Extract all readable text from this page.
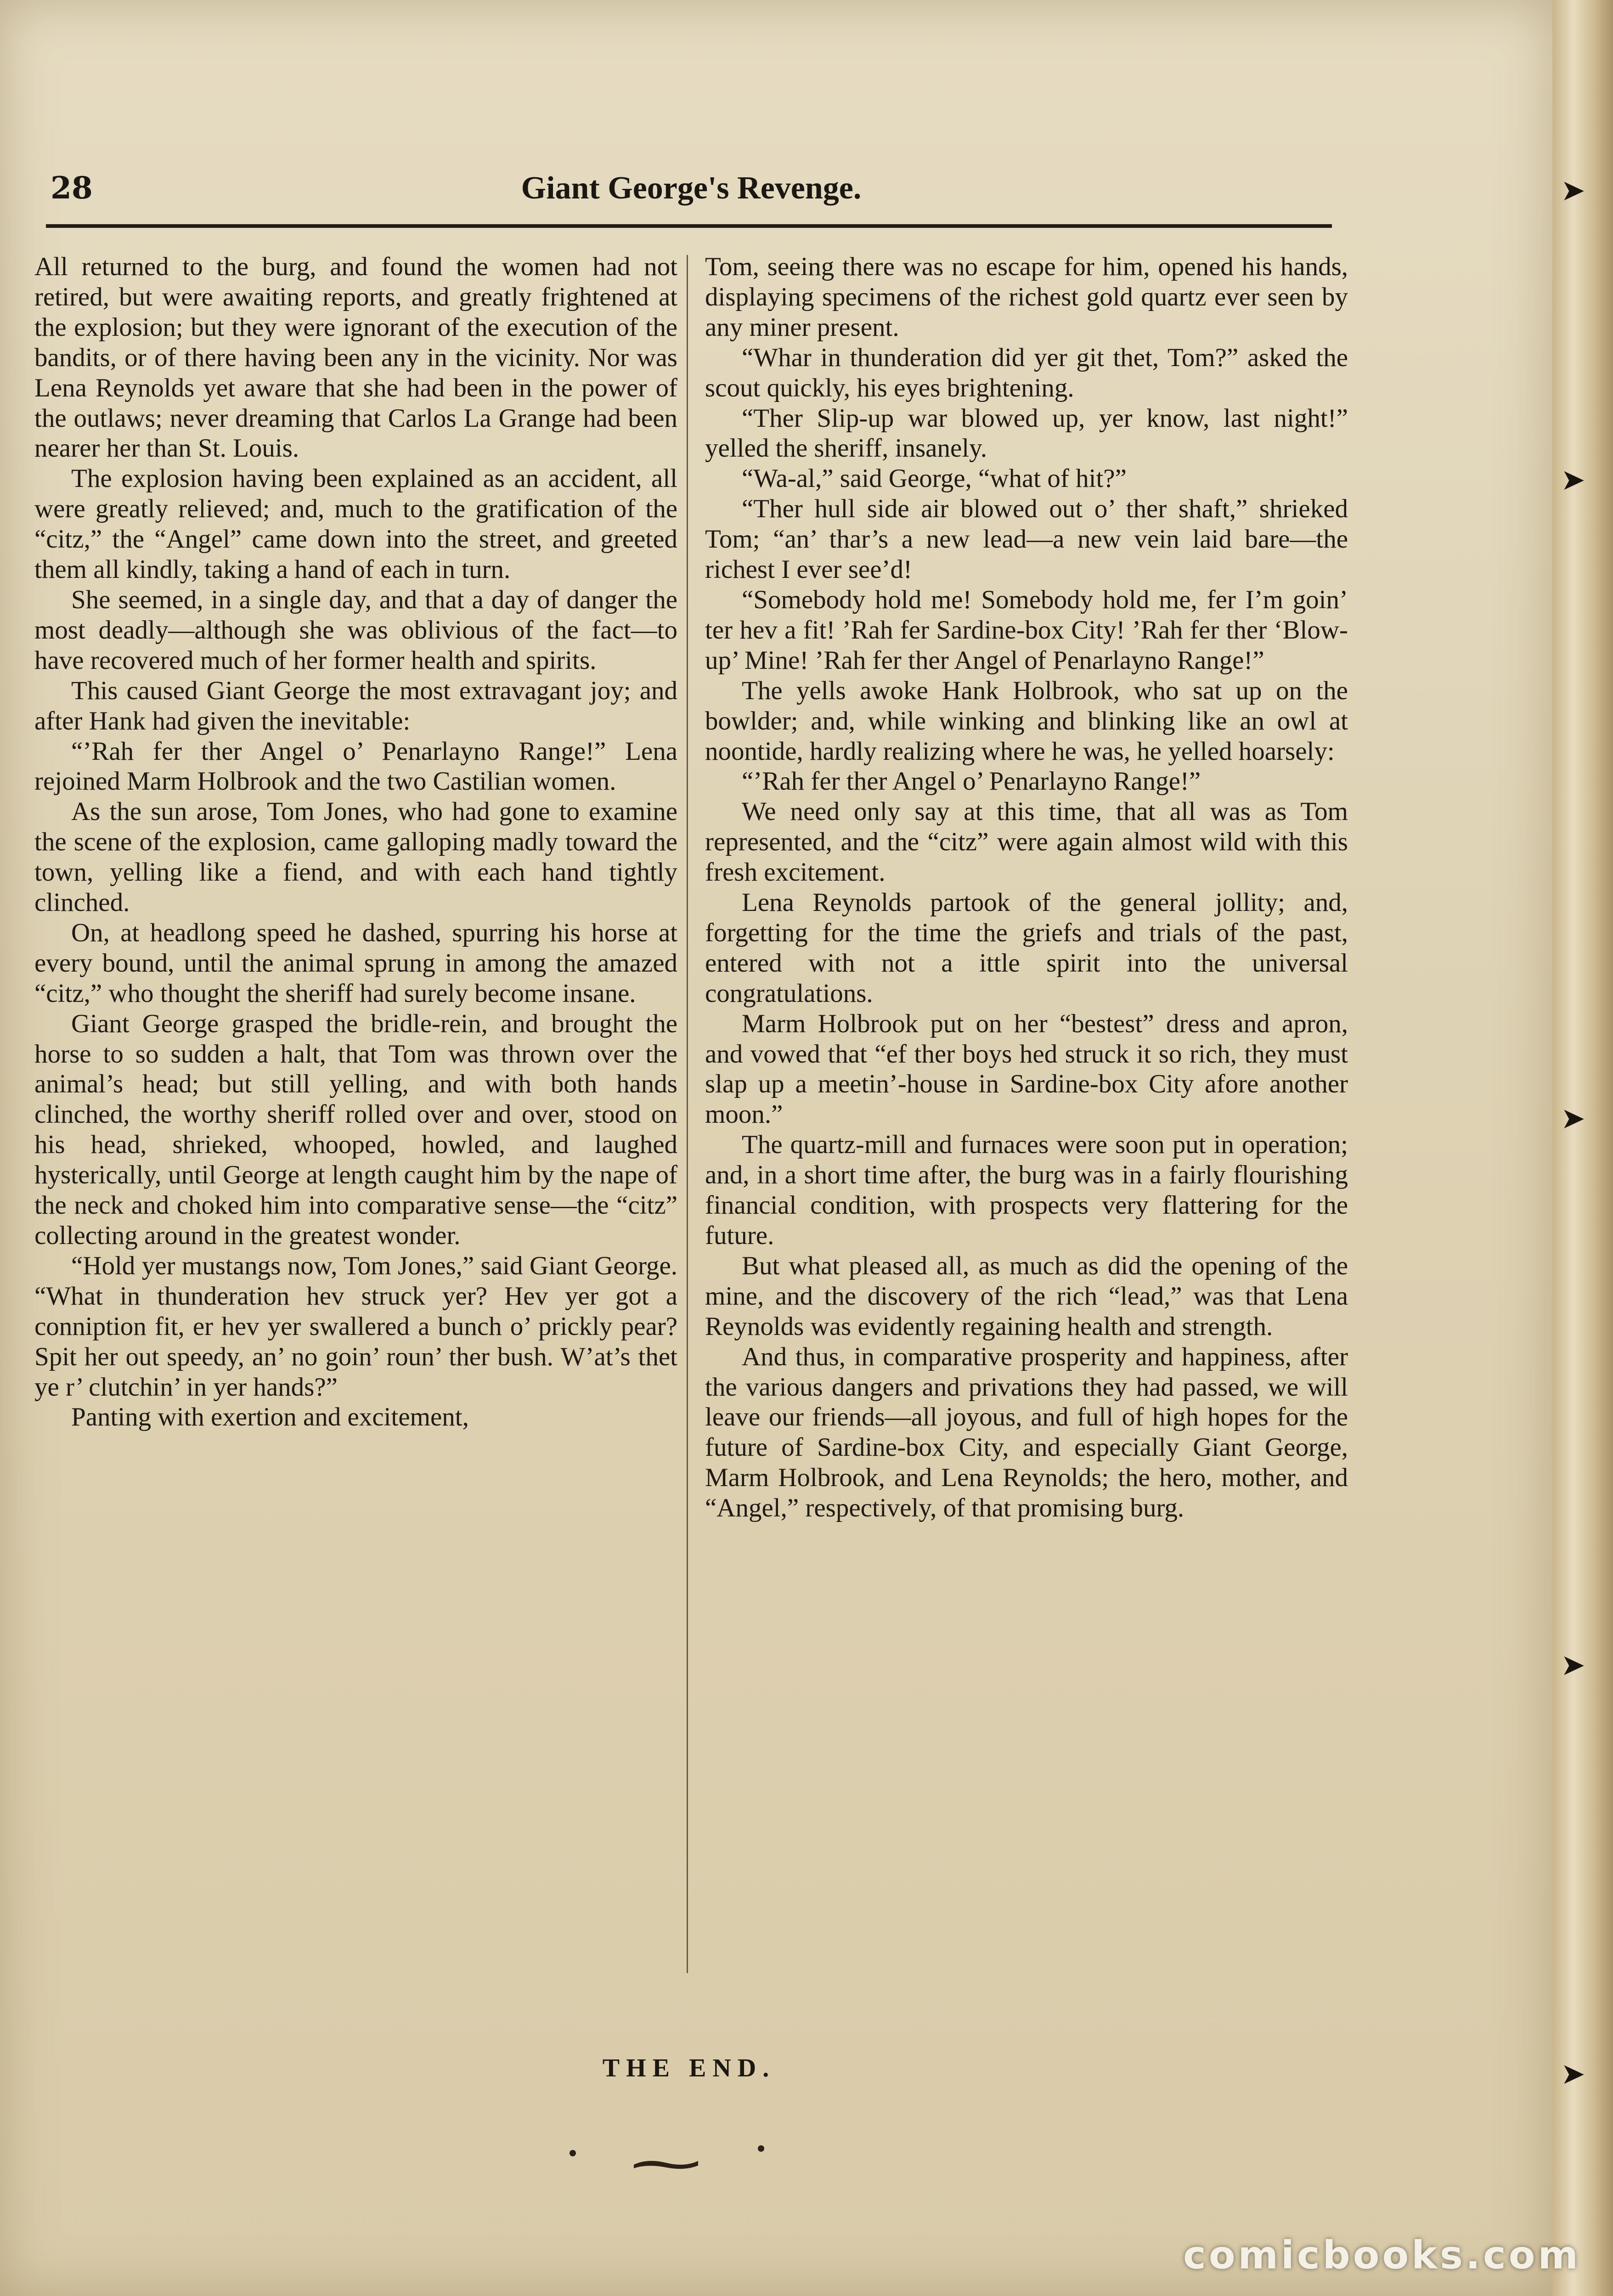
➤
➤
➤
➤
➤
28	Giant George's Revenge.

All returned to the burg, and found the women had not retired, but were awaiting reports, and greatly frightened at the explosion; but they were ignorant of the execution of the bandits, or of there having been any in the vicinity. Nor was Lena Reynolds yet aware that she had been in the power of the outlaws; never dreaming that Carlos La Grange had been nearer her than St. Louis.

The explosion having been explained as an accident, all were greatly relieved; and, much to the gratification of the “citz,” the “Angel” came down into the street, and greeted them all kindly, taking a hand of each in turn.

She seemed, in a single day, and that a day of danger the most deadly—although she was oblivious of the fact—to have recovered much of her former health and spirits.

This caused Giant George the most extravagant joy; and after Hank had given the inevitable:

“’Rah fer ther Angel o’ Penarlayno Range!” Lena rejoined Marm Holbrook and the two Castilian women.

As the sun arose, Tom Jones, who had gone to examine the scene of the explosion, came galloping madly toward the town, yelling like a fiend, and with each hand tightly clinched.

On, at headlong speed he dashed, spurring his horse at every bound, until the animal sprung in among the amazed “citz,” who thought the sheriff had surely become insane.

Giant George grasped the bridle-rein, and brought the horse to so sudden a halt, that Tom was thrown over the animal’s head; but still yelling, and with both hands clinched, the worthy sheriff rolled over and over, stood on his head, shrieked, whooped, howled, and laughed hysterically, until George at length caught him by the nape of the neck and choked him into comparative sense—the “citz” collecting around in the greatest wonder.

“Hold yer mustangs now, Tom Jones,” said Giant George. “What in thunderation hev struck yer? Hev yer got a conniption fit, er hev yer swallered a bunch o’ prickly pear? Spit her out speedy, an’ no goin’ roun’ ther bush. W’at’s thet ye r’ clutchin’ in yer hands?”

Panting with exertion and excitement,

Tom, seeing there was no escape for him, opened his hands, displaying specimens of the richest gold quartz ever seen by any miner present.

“Whar in thunderation did yer git thet, Tom?” asked the scout quickly, his eyes brightening.

“Ther Slip-up war blowed up, yer know, last night!” yelled the sheriff, insanely.

“Wa-al,” said George, “what of hit?”

“Ther hull side air blowed out o’ ther shaft,” shrieked Tom; “an’ thar’s a new lead—a new vein laid bare—the richest I ever see’d!

“Somebody hold me! Somebody hold me, fer I’m goin’ ter hev a fit! ’Rah fer Sardine-box City! ’Rah fer ther ‘Blow-up’ Mine! ’Rah fer ther Angel of Penarlayno Range!”

The yells awoke Hank Holbrook, who sat up on the bowlder; and, while winking and blinking like an owl at noontide, hardly realizing where he was, he yelled hoarsely:

“’Rah fer ther Angel o’ Penarlayno Range!”

We need only say at this time, that all was as Tom represented, and the “citz” were again almost wild with this fresh excitement.

Lena Reynolds partook of the general jollity; and, forgetting for the time the griefs and trials of the past, entered with not a ittle spirit into the universal congratulations.

Marm Holbrook put on her “bestest” dress and apron, and vowed that “ef ther boys hed struck it so rich, they must slap up a meetin’-house in Sardine-box City afore another moon.”

The quartz-mill and furnaces were soon put in operation; and, in a short time after, the burg was in a fairly flourishing financial condition, with prospects very flattering for the future.

But what pleased all, as much as did the opening of the mine, and the discovery of the rich “lead,” was that Lena Reynolds was evidently regaining health and strength.

And thus, in comparative prosperity and happiness, after the various dangers and privations they had passed, we will leave our friends—all joyous, and full of high hopes for the future of Sardine-box City, and especially Giant George, Marm Holbrook, and Lena Reynolds; the hero, mother, and “Angel,” respectively, of that promising burg.

THE END.
comicbooks.com
